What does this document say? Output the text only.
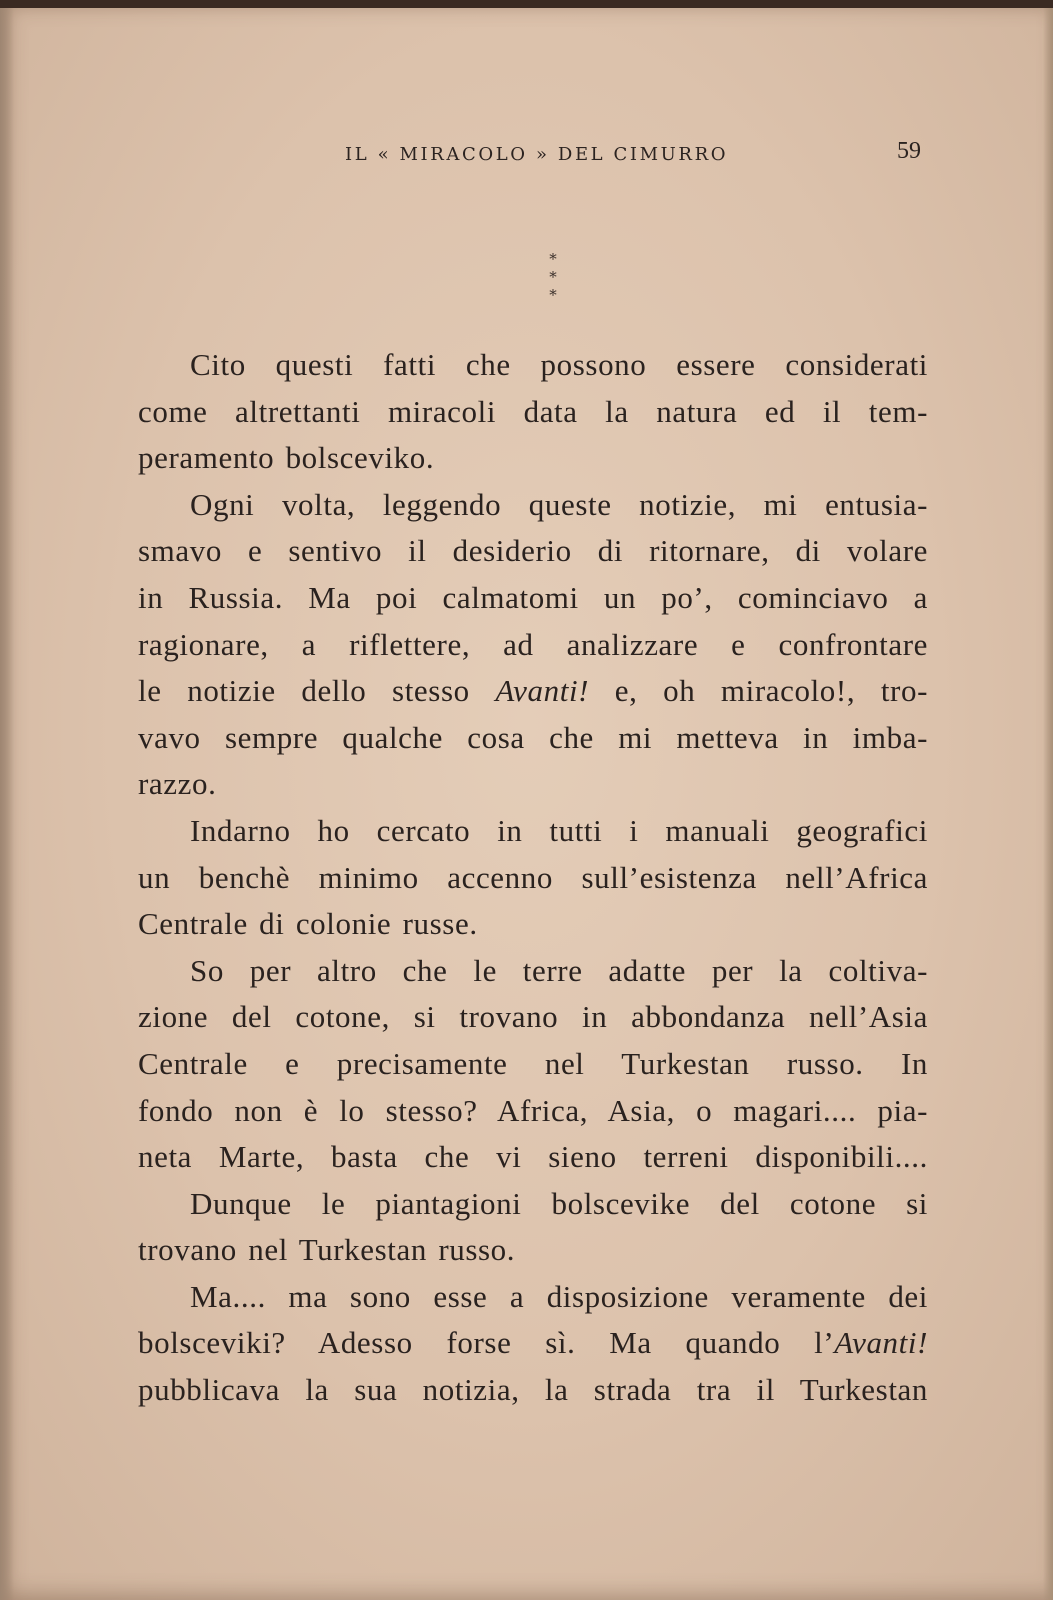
IL « MIRACOLO » DEL CIMURRO	59
*
* *
Cito questi fatti che possono essere considerati
come altrettanti miracoli data la natura ed il tem-
peramento bolsceviko.
Ogni volta, leggendo queste notizie, mi entusia-
smavo e sentivo il desiderio di ritornare, di volare
in Russia. Ma poi calmatomi un po’, cominciavo a
ragionare, a riflettere, ad analizzare e confrontare
le notizie dello stesso Avanti! e, oh miracolo!, tro-
vavo sempre qualche cosa che mi metteva in imba-
razzo.
Indarno ho cercato in tutti i manuali geografici
un benchè minimo accenno sull’esistenza nell’Africa
Centrale di colonie russe.
So per altro che le terre adatte per la coltiva-
zione del cotone, si trovano in abbondanza nell’Asia
Centrale e precisamente nel Turkestan russo. In
fondo non è lo stesso? Africa, Asia, o magari.... pia-
neta Marte, basta che vi sieno terreni disponibili....
Dunque le piantagioni bolscevike del cotone si
trovano nel Turkestan russo.
Ma.... ma sono esse a disposizione veramente dei
bolsceviki? Adesso forse sì. Ma quando l’Avanti!
pubblicava la sua notizia, la strada tra il Turkestan
